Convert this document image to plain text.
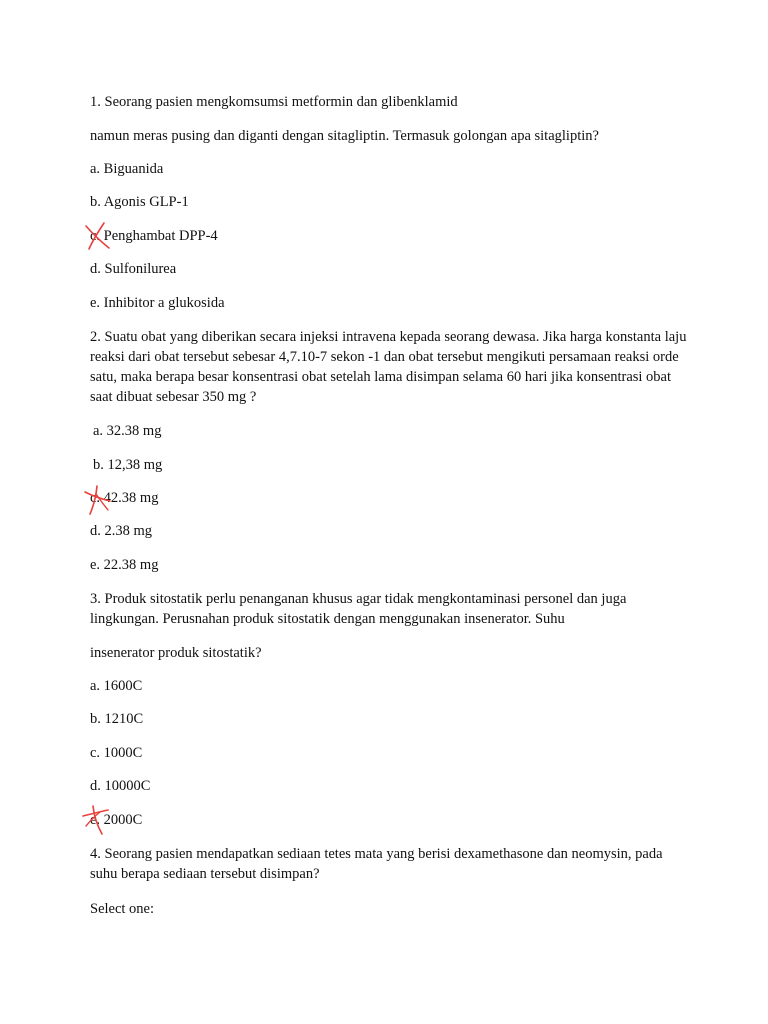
1. Seorang pasien mengkomsumsi metformin dan glibenklamid
namun meras pusing dan diganti dengan sitagliptin. Termasuk golongan apa sitagliptin?
a. Biguanida
b. Agonis GLP-1
c. Penghambat DPP-4
d. Sulfonilurea
e. Inhibitor a glukosida
2. Suatu obat yang diberikan secara injeksi intravena kepada seorang dewasa. Jika harga konstanta laju reaksi dari obat tersebut sebesar 4,7.10-7 sekon -1 dan obat tersebut mengikuti persamaan reaksi orde satu, maka berapa besar konsentrasi obat setelah lama disimpan selama 60 hari jika konsentrasi obat saat dibuat sebesar 350 mg ?
a. 32.38 mg
b. 12,38 mg
c. 42.38 mg
d. 2.38 mg
e. 22.38 mg
3. Produk sitostatik perlu penanganan khusus agar tidak mengkontaminasi personel dan juga lingkungan. Perusnahan produk sitostatik dengan menggunakan insenerator. Suhu
insenerator produk sitostatik?
a. 1600C
b. 1210C
c. 1000C
d. 10000C
e. 2000C
4. Seorang pasien mendapatkan sediaan tetes mata yang berisi dexamethasone dan neomysin, pada suhu berapa sediaan tersebut disimpan?
Select one:
